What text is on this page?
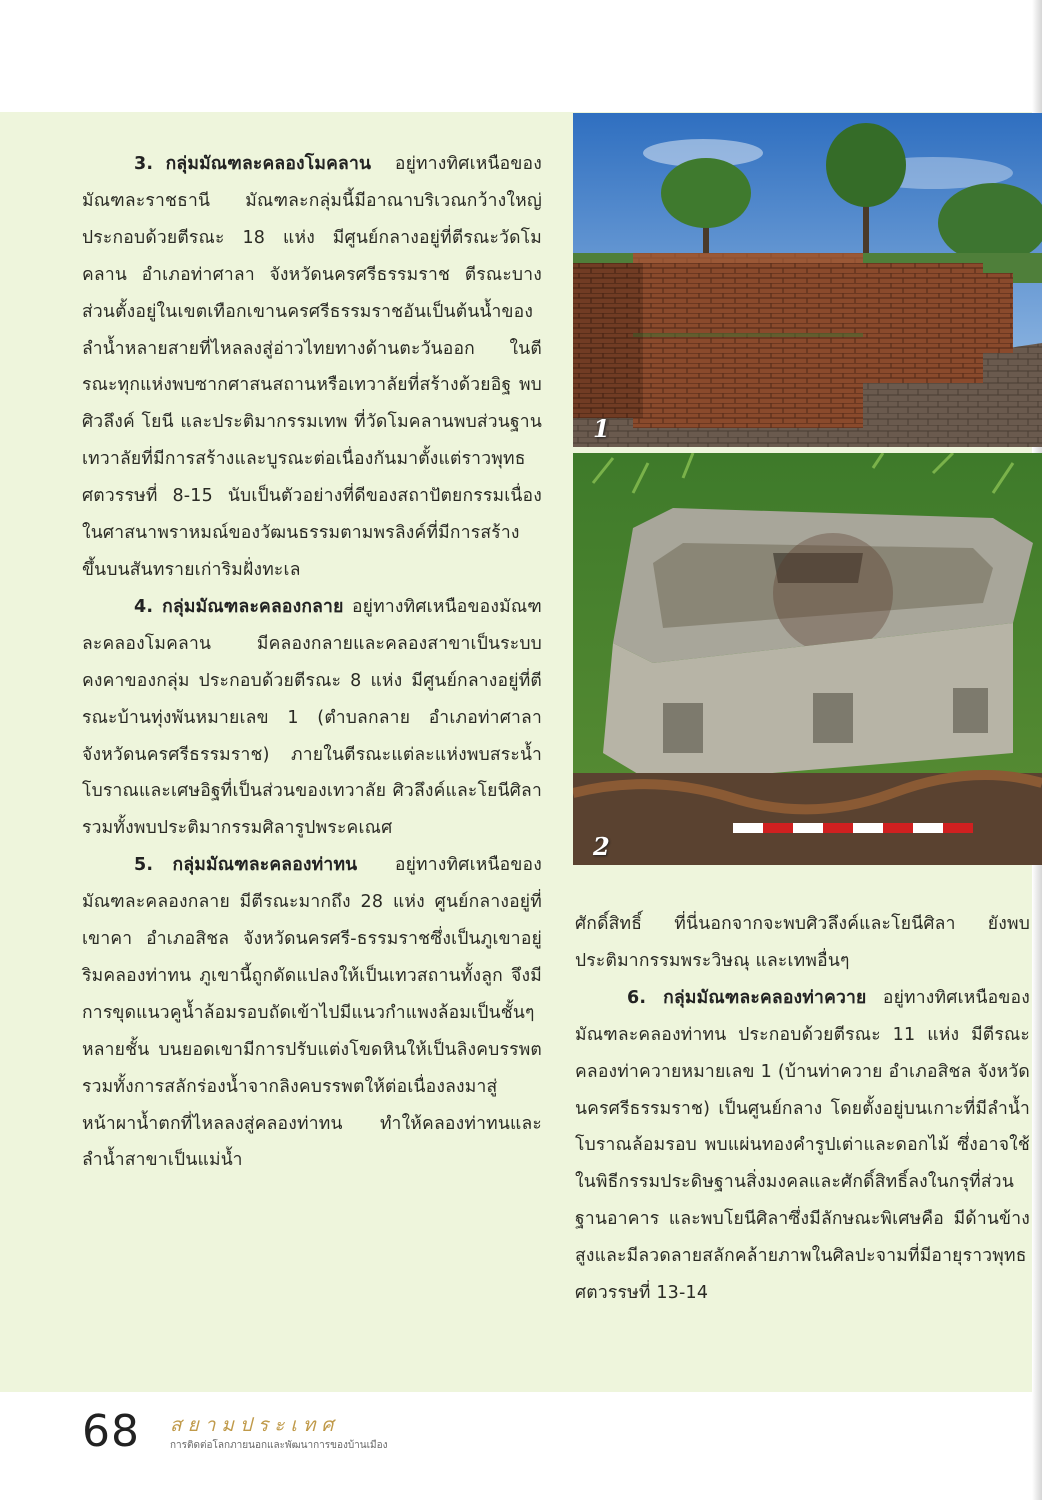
3. กลุ่มมัณฑละคลองโมคลาน อยู่ทางทิศเหนือของมัณฑละราชธานี มัณฑละกลุ่มนี้มีอาณาบริเวณกว้างใหญ่ ประกอบด้วยตีรณะ 18 แห่ง มีศูนย์กลางอยู่ที่ตีรณะวัดโมคลาน อำเภอท่าศาลา จังหวัดนครศรีธรรมราช ตีรณะบางส่วนตั้งอยู่ในเขตเทือกเขานครศรีธรรมราชอันเป็นต้นน้ำของลำน้ำหลายสายที่ไหลลงสู่อ่าวไทยทางด้านตะวันออก ในตีรณะทุกแห่งพบซากศาสนสถานหรือเทวาลัยที่สร้างด้วยอิฐ พบศิวลึงค์ โยนี และประติมากรรมเทพ ที่วัดโมคลานพบส่วนฐานเทวาลัยที่มีการสร้างและบูรณะต่อเนื่องกันมาตั้งแต่ราวพุทธศตวรรษที่ 8-15 นับเป็นตัวอย่างที่ดีของสถาปัตยกรรมเนื่องในศาสนาพราหมณ์ของวัฒนธรรมตามพรลิงค์ที่มีการสร้างขึ้นบนสันทรายเก่าริมฝั่งทะเล

4. กลุ่มมัณฑละคลองกลาย อยู่ทางทิศเหนือของมัณฑละคลองโมคลาน มีคลองกลายและคลองสาขาเป็นระบบคงคาของกลุ่ม ประกอบด้วยตีรณะ 8 แห่ง มีศูนย์กลางอยู่ที่ตีรณะบ้านทุ่งพันหมายเลข 1 (ตำบลกลาย อำเภอท่าศาลา จังหวัดนครศรีธรรมราช) ภายในตีรณะแต่ละแห่งพบสระน้ำโบราณและเศษอิฐที่เป็นส่วนของเทวาลัย ศิวลึงค์และโยนีศิลา รวมทั้งพบประติมากรรมศิลารูปพระคเณศ

5. กลุ่มมัณฑละคลองท่าทน อยู่ทางทิศเหนือของมัณฑละคลองกลาย มีตีรณะมากถึง 28 แห่ง ศูนย์กลางอยู่ที่เขาคา อำเภอสิชล จังหวัดนครศรี-ธรรมราชซึ่งเป็นภูเขาอยู่ริมคลองท่าทน ภูเขานี้ถูกดัดแปลงให้เป็นเทวสถานทั้งลูก จึงมีการขุดแนวคูน้ำล้อมรอบถัดเข้าไปมีแนวกำแพงล้อมเป็นชั้นๆ หลายชั้น บนยอดเขามีการปรับแต่งโขดหินให้เป็นลิงคบรรพต รวมทั้งการสลักร่องน้ำจากลิงคบรรพตให้ต่อเนื่องลงมาสู่หน้าผาน้ำตกที่ไหลลงสู่คลองท่าทน ทำให้คลองท่าทนและลำน้ำสาขาเป็นแม่น้ำ

1
2

ศักดิ์สิทธิ์ ที่นี่นอกจากจะพบศิวลึงค์และโยนีศิลา ยังพบประติมากรรมพระวิษณุ และเทพอื่นๆ

6. กลุ่มมัณฑละคลองท่าควาย อยู่ทางทิศเหนือของมัณฑละคลองท่าทน ประกอบด้วยตีรณะ 11 แห่ง มีตีรณะคลองท่าควายหมายเลข 1 (บ้านท่าควาย อำเภอสิชล จังหวัดนครศรีธรรมราช) เป็นศูนย์กลาง โดยตั้งอยู่บนเกาะที่มีลำน้ำโบราณล้อมรอบ พบแผ่นทองคำรูปเต่าและดอกไม้ ซึ่งอาจใช้ในพิธีกรรมประดิษฐานสิ่งมงคลและศักดิ์สิทธิ์ลงในกรุที่ส่วนฐานอาคาร และพบโยนีศิลาซึ่งมีลักษณะพิเศษคือ มีด้านข้างสูงและมีลวดลายสลักคล้ายภาพในศิลปะจามที่มีอายุราวพุทธศตวรรษที่ 13-14

68 สยามประเทศ
การติดต่อโลกภายนอกและพัฒนาการของบ้านเมือง
